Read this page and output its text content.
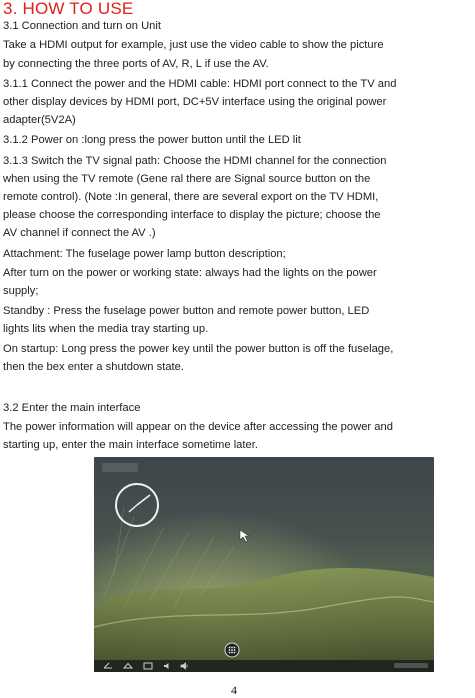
3. HOW TO USE

3.1 Connection and turn on Unit

Take a HDMI output for example, just use the video cable to show the picture

by connecting the three ports of AV, R, L if use the AV.

3.1.1 Connect the power and the HDMI cable: HDMI port connect to the TV and

other display devices by HDMI port, DC+5V interface using the original power

adapter(5V2A)

3.1.2 Power on :long press the power button until the LED lit

3.1.3 Switch the TV signal path: Choose the HDMI channel for the connection

when using the TV remote (Gene ral there are Signal source button on the

remote control). (Note :In general, there are several export on the TV HDMI,

please choose the corresponding interface to display the picture; choose the

AV channel if connect the AV .)

Attachment: The fuselage power lamp button description;

After turn on the power or working state: always had the lights on the power

supply;

Standby : Press the fuselage power button and remote power button, LED

lights lits when the media tray starting up.

On startup: Long press the power key until the power button is off the fuselage,

then the bex enter a shutdown state.

3.2 Enter the main interface

The power information will appear on the device after accessing the power and

starting up, enter the main interface sometime later.

4
